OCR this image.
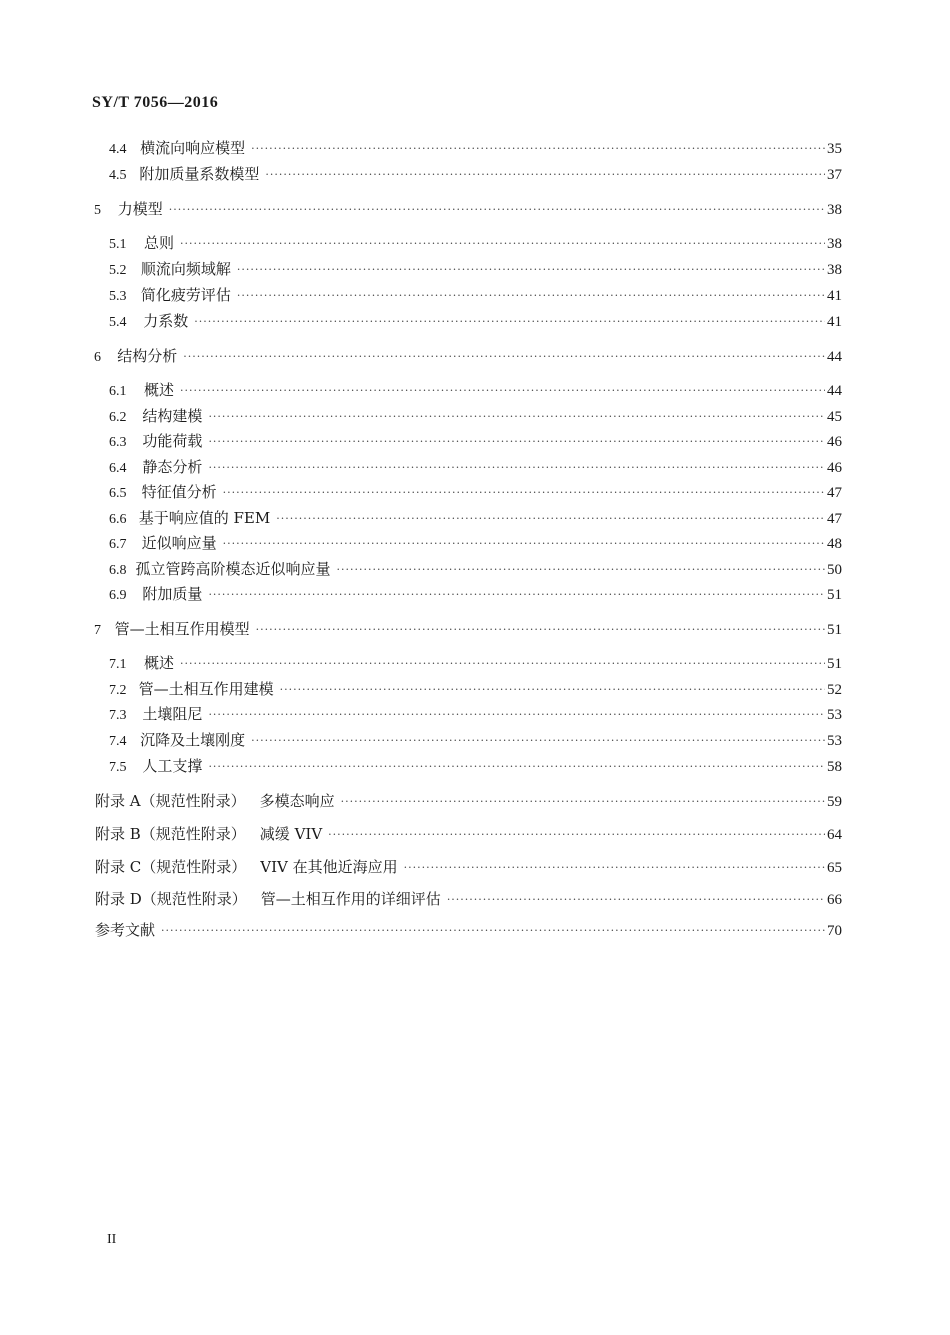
SY/T 7056—2016
4.4 横流向响应模型 ·····	35
4.5 附加质量系数模型 ·····	37
5	力模型 ·····	38
5.1	总则 ·····	38
5.2 顺流向频域解 ·····	38
5.3 简化疲劳评估 ·····	41
5.4	力系数 ·····	41
6	结构分析 ·····	44
6.1	概述 ·····	44
6.2	结构建模 ·····	45
6.3	功能荷载 ·····	46
6.4	静态分析 ·····	46
6.5	特征值分析 ·····	47
6.6 基于响应值的 FEM ·····	47
6.7	近似响应量 ·····	48
6.8 孤立管跨高阶模态近似响应量 ·····	50
6.9	附加质量 ·····	51
7 管—土相互作用模型 ·····	51
7.1	概述 ·····	51
7.2 管—土相互作用建模 ·····	52
7.3	土壤阻尼 ·····	53
7.4 沉降及土壤刚度 ·····	53
7.5	人工支撑 ·····	58
附录 A（规范性附录） 多模态响应 ·····	59
附录 B（规范性附录） 减缓 VIV ·····	64
附录 C（规范性附录） VIV 在其他近海应用 ·····	65
附录 D（规范性附录） 管—土相互作用的详细评估 ·····	66
参考文献 ·····	70
II
